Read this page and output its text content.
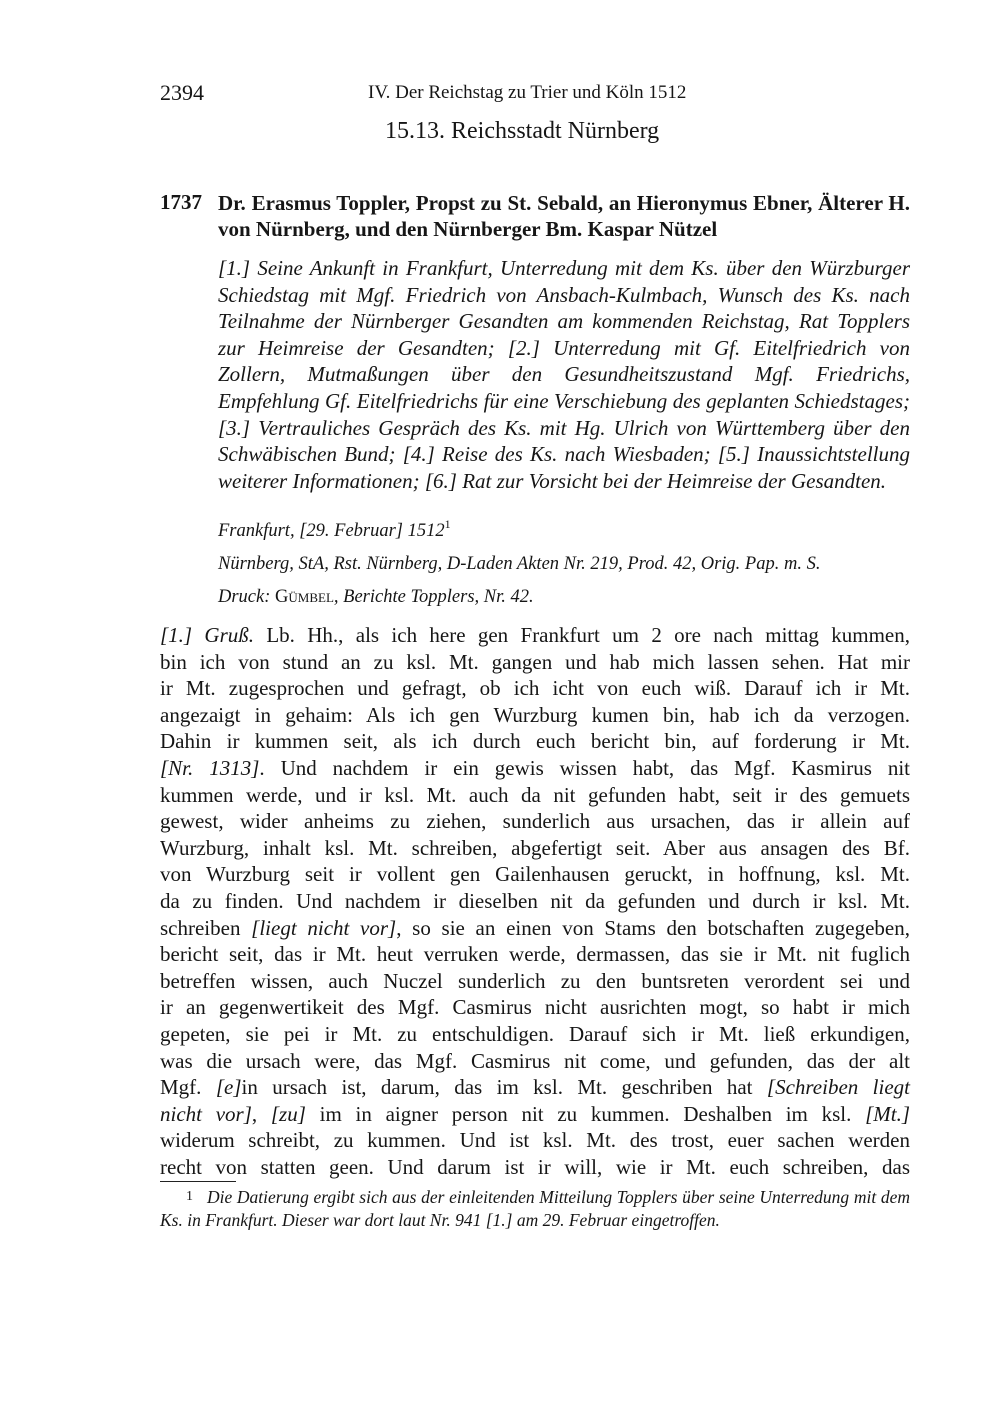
2394	IV. Der Reichstag zu Trier und Köln 1512
15.13. Reichsstadt Nürnberg
1737 Dr. Erasmus Toppler, Propst zu St. Sebald, an Hieronymus Ebner, Älterer H. von Nürnberg, und den Nürnberger Bm. Kaspar Nützel
[1.] Seine Ankunft in Frankfurt, Unterredung mit dem Ks. über den Würzburger Schiedstag mit Mgf. Friedrich von Ansbach-Kulmbach, Wunsch des Ks. nach Teilnahme der Nürnberger Gesandten am kommenden Reichstag, Rat Topplers zur Heimreise der Gesandten; [2.] Unterredung mit Gf. Eitelfriedrich von Zollern, Mutmaßungen über den Gesundheitszustand Mgf. Friedrichs, Empfehlung Gf. Eitelfriedrichs für eine Verschiebung des geplanten Schiedstages; [3.] Vertrauliches Gespräch des Ks. mit Hg. Ulrich von Württemberg über den Schwäbischen Bund; [4.] Reise des Ks. nach Wiesbaden; [5.] Inaussichtstellung weiterer Informationen; [6.] Rat zur Vorsicht bei der Heimreise der Gesandten.
Frankfurt, [29. Februar] 1512$^1$
Nürnberg, StA, Rst. Nürnberg, D-Laden Akten Nr. 219, Prod. 42, Orig. Pap. m. S.
Druck: Gümbel, Berichte Topplers, Nr. 42.
[1.] Gruß. Lb. Hh., als ich here gen Frankfurt um 2 ore nach mittag kummen,
bin ich von stund an zu ksl. Mt. gangen und hab mich lassen sehen. Hat mir
ir Mt. zugesprochen und gefragt, ob ich icht von euch wiß. Darauf ich ir Mt.
angezaigt in gehaim: Als ich gen Wurzburg kumen bin, hab ich da verzogen.
Dahin ir kummen seit, als ich durch euch bericht bin, auf forderung ir Mt.
[Nr. 1313]. Und nachdem ir ein gewis wissen habt, das Mgf. Kasmirus nit
kummen werde, und ir ksl. Mt. auch da nit gefunden habt, seit ir des gemuets
gewest, wider anheims zu ziehen, sunderlich aus ursachen, das ir allein auf
Wurzburg, inhalt ksl. Mt. schreiben, abgefertigt seit. Aber aus ansagen des Bf.
von Wurzburg seit ir vollent gen Gailenhausen geruckt, in hoffnung, ksl. Mt.
da zu finden. Und nachdem ir dieselben nit da gefunden und durch ir ksl. Mt.
schreiben [liegt nicht vor], so sie an einen von Stams den botschaften zugegeben,
bericht seit, das ir Mt. heut verruken werde, dermassen, das sie ir Mt. nit fuglich
betreffen wissen, auch Nuczel sunderlich zu den buntsreten verordent sei und
ir an gegenwertikeit des Mgf. Casmirus nicht ausrichten mogt, so habt ir mich
gepeten, sie pei ir Mt. zu entschuldigen. Darauf sich ir Mt. ließ erkundigen,
was die ursach were, das Mgf. Casmirus nit come, und gefunden, das der alt
Mgf. [e]in ursach ist, darum, das im ksl. Mt. geschriben hat [Schreiben liegt
nicht vor], [zu] im in aigner person nit zu kummen. Deshalben im ksl. [Mt.]
widerum schreibt, zu kummen. Und ist ksl. Mt. des trost, euer sachen werden
recht von statten geen. Und darum ist ir will, wie ir Mt. euch schreiben, das
1 Die Datierung ergibt sich aus der einleitenden Mitteilung Topplers über seine Unterredung mit dem Ks. in Frankfurt. Dieser war dort laut Nr. 941 [1.] am 29. Februar eingetroffen.
